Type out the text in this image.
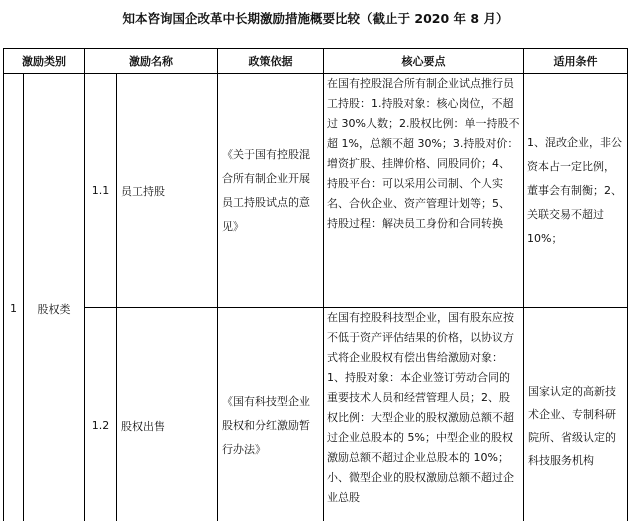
知本咨询国企改革中长期激励措施概要比较（截止于 2020 年 8 月）
激励类别		激励名称		政策依据	核心要点	适用条件
1	股权类	1.1	员工持股	《关于国有控股混合所有制企业开展员工持股试点的意见》	在国有控股混合所有制企业试点推行员工持股：1.持股对象：核心岗位，不超过 30%人数；2.股权比例：单一持股不超 1%，总额不超 30%；3.持股对价：增资扩股、挂牌价格、同股同价；4、持股平台：可以采用公司制、个人实名、合伙企业、资产管理计划等；5、持股过程：解决员工身份和合同转换	1、混改企业，非公资本占一定比例，董事会有制衡；2、关联交易不超过 10%；
		1.2	股权出售	《国有科技型企业股权和分红激励暂行办法》	在国有控股科技型企业，国有股东应按不低于资产评估结果的价格，以协议方式将企业股权有偿出售给激励对象：1、持股对象：本企业签订劳动合同的重要技术人员和经营管理人员；2、股权比例：大型企业的股权激励总额不超过企业总股本的 5%；中型企业的股权激励总额不超过企业总股本的 10%；小、微型企业的股权激励总额不超过企业总股	国家认定的高新技术企业、专制科研院所、省级认定的科技服务机构
